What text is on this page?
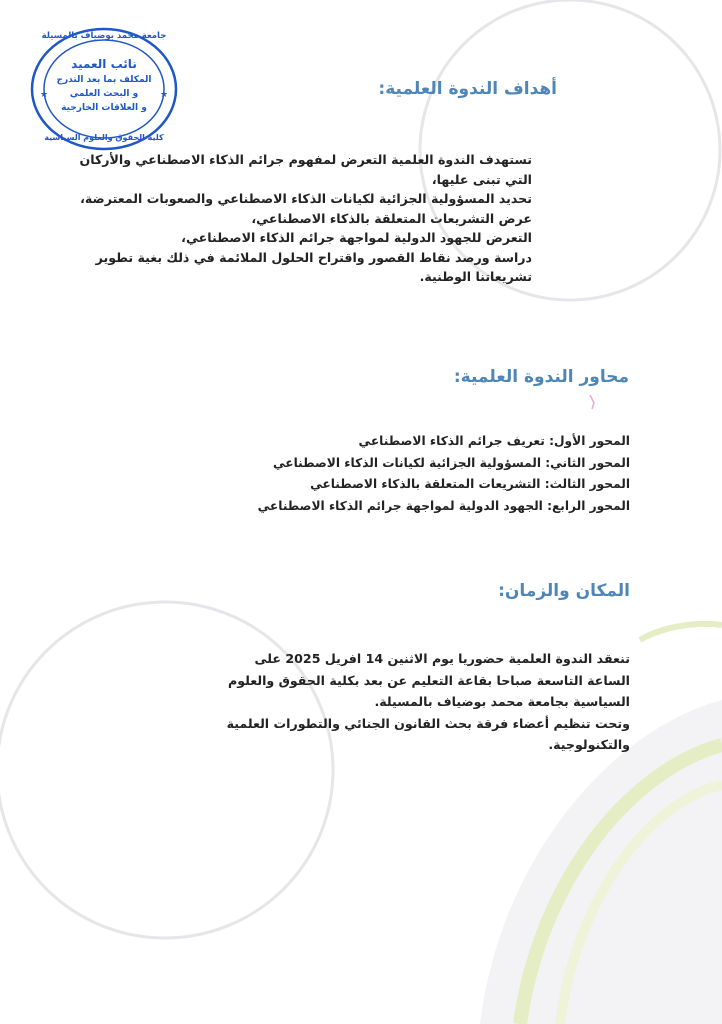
★	★
جامعة محمد بوضياف بالمسيلة
نائب العميد
المكلف بما بعد التدرج
و البحث العلمي
و العلاقات الخارجية
كلية الحقوق والعلوم السياسية
أهداف الندوة العلمية:

تستهدف الندوة العلمية التعرض لمفهوم جرائم الذكاء الاصطناعي والأركان

التي تبنى عليها،

تحديد المسؤولية الجزائية لكيانات الذكاء الاصطناعي والصعوبات المعترضة،

عرض التشريعات المتعلقة بالذكاء الاصطناعي،

التعرض للجهود الدولية لمواجهة جرائم الذكاء الاصطناعي،

دراسة ورصد نقاط القصور واقتراح الحلول الملائمة في ذلك بغية تطوير

تشريعاتنا الوطنية.

محاور الندوة العلمية:

المحور الأول: تعريف جرائم الذكاء الاصطناعي

المحور الثاني: المسؤولية الجزائية لكيانات الذكاء الاصطناعي

المحور الثالث: التشريعات المتعلقة بالذكاء الاصطناعي

المحور الرابع: الجهود الدولية لمواجهة جرائم الذكاء الاصطناعي

المكان والزمان:

تنعقد الندوة العلمية حضوريا يوم الاثنين 14 افريل 2025 على

الساعة التاسعة صباحا بقاعة التعليم عن بعد بكلية الحقوق والعلوم

السياسية بجامعة محمد بوضياف بالمسيلة.

وتحت تنظيم أعضاء فرقة بحث القانون الجنائي والتطورات العلمية

والتكنولوجية.
